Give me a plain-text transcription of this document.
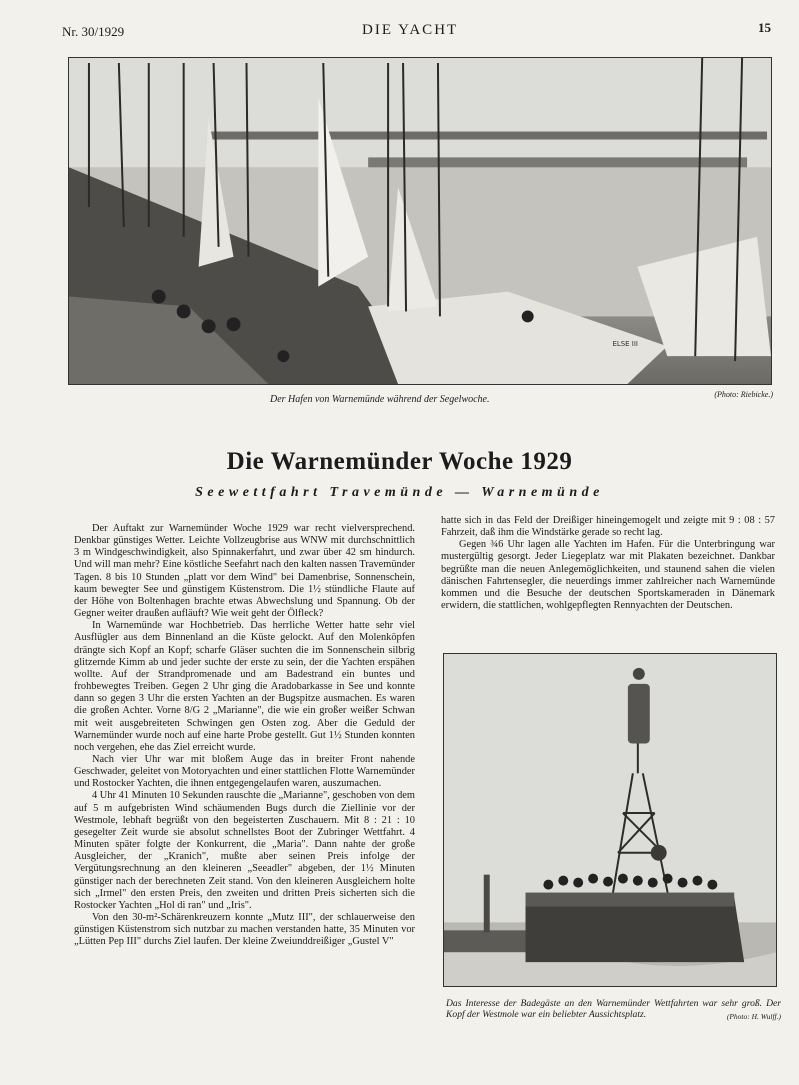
Nr. 30/1929	DIE YACHT	15
ELSE III
Der Hafen von Warnemünde während der Segelwoche.	(Photo: Riebicke.)
Die Warnemünder Woche 1929
Seewettfahrt Travemünde — Warnemünde

Der Auftakt zur Warnemünder Woche 1929 war recht vielversprechend. Denkbar günstiges Wetter. Leichte Vollzeugbrise aus WNW mit durchschnittlich 3 m Windgeschwindigkeit, also Spinnakerfahrt, und zwar über 42 sm hindurch. Und will man mehr? Eine köstliche Seefahrt nach den kalten nassen Travemünder Tagen. 8 bis 10 Stunden „platt vor dem Wind" bei Damenbrise, Sonnenschein, kaum bewegter See und günstigem Küstenstrom. Die 1½ stündliche Flaute auf der Höhe von Boltenhagen brachte etwas Abwechslung und Spannung. Ob der Gegner weiter draußen aufläuft? Wie weit geht der Ölfleck?

In Warnemünde war Hochbetrieb. Das herrliche Wetter hatte sehr viel Ausflügler aus dem Binnenland an die Küste gelockt. Auf den Molenköpfen drängte sich Kopf an Kopf; scharfe Gläser suchten die im Sonnenschein silbrig glitzernde Kimm ab und jeder suchte der erste zu sein, der die Yachten erspähen wollte. Auf der Strandpromenade und am Badestrand ein buntes und frohbewegtes Treiben. Gegen 2 Uhr ging die Aradobarkasse in See und konnte dann so gegen 3 Uhr die ersten Yachten an der Bugspitze ausmachen. Es waren die großen Achter. Vorne 8/G 2 „Marianne", die wie ein großer weißer Schwan mit weit ausgebreiteten Schwingen gen Osten zog. Aber die Geduld der Warnemünder wurde noch auf eine harte Probe gestellt. Gut 1½ Stunden konnten noch vergehen, ehe das Ziel erreicht wurde.

Nach vier Uhr war mit bloßem Auge das in breiter Front nahende Geschwader, geleitet von Motoryachten und einer stattlichen Flotte Warnemünder und Rostocker Yachten, die ihnen entgegengelaufen waren, auszumachen.

4 Uhr 41 Minuten 10 Sekunden rauschte die „Marianne", geschoben von dem auf 5 m aufgebristen Wind schäumenden Bugs durch die Ziellinie vor der Westmole, lebhaft begrüßt von den begeisterten Zuschauern. Mit 8 : 21 : 10 gesegelter Zeit wurde sie absolut schnellstes Boot der Zubringer Wettfahrt. 4 Minuten später folgte der Konkurrent, die „Maria". Dann nahte der große Ausgleicher, der „Kranich", mußte aber seinen Preis infolge der Vergütungsrechnung an den kleineren „Seeadler" abgeben, der 1½ Minuten günstiger nach der berechneten Zeit stand. Von den kleineren Ausgleichern holte sich „Irmel" den ersten Preis, den zweiten und dritten Preis sicherten sich die Rostocker Yachten „Hol di ran" und „Iris".

Von den 30-m²-Schärenkreuzern konnte „Mutz III", der schlauerweise den günstigen Küstenstrom sich nutzbar zu machen verstanden hatte, 35 Minuten vor „Lütten Pep III" durchs Ziel laufen. Der kleine Zweiunddreißiger „Gustel V"

hatte sich in das Feld der Dreißiger hineingemogelt und zeigte mit 9 : 08 : 57 Fahrzeit, daß ihm die Windstärke gerade so recht lag.

Gegen ¾6 Uhr lagen alle Yachten im Hafen. Für die Unterbringung war mustergültig gesorgt. Jeder Liegeplatz war mit Plakaten bezeichnet. Dankbar begrüßte man die neuen Anlegemöglichkeiten, und staunend sahen die vielen dänischen Fahrtensegler, die neuerdings immer zahlreicher nach Warnemünde kommen und die Besuche der deutschen Sportskameraden in Dänemark erwidern, die stattlichen, wohlgepflegten Rennyachten der Deutschen.

Das Interesse der Badegäste an den Warnemünder Wettfahrten war sehr groß. Der Kopf der Westmole war ein beliebter Aussichtsplatz.	(Photo: H. Wulff.)
